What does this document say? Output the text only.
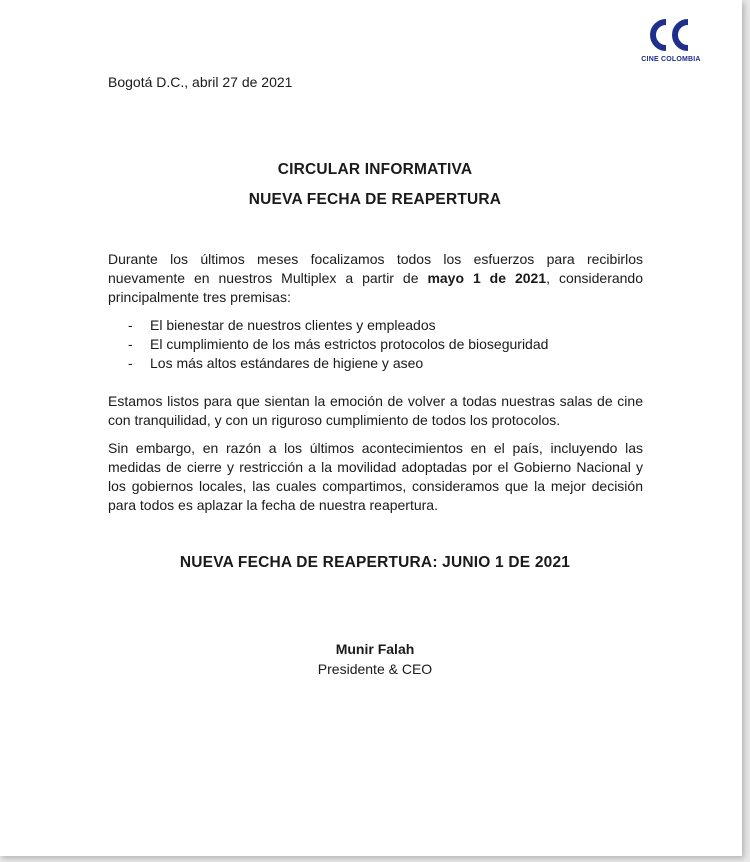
CINE COLOMBIA
Bogotá D.C., abril 27 de 2021
CIRCULAR INFORMATIVA
NUEVA FECHA DE REAPERTURA

Durante los últimos meses focalizamos todos los esfuerzos para recibirlos nuevamente en nuestros Multiplex a partir de mayo 1 de 2021, considerando principalmente tres premisas:

- El bienestar de nuestros clientes y empleados
- El cumplimiento de los más estrictos protocolos de bioseguridad
- Los más altos estándares de higiene y aseo

Estamos listos para que sientan la emoción de volver a todas nuestras salas de cine con tranquilidad, y con un riguroso cumplimiento de todos los protocolos.

Sin embargo, en razón a los últimos acontecimientos en el país, incluyendo las medidas de cierre y restricción a la movilidad adoptadas por el Gobierno Nacional y los gobiernos locales, las cuales compartimos, consideramos que la mejor decisión para todos es aplazar la fecha de nuestra reapertura.

NUEVA FECHA DE REAPERTURA: JUNIO 1 DE 2021
Munir Falah
Presidente & CEO
